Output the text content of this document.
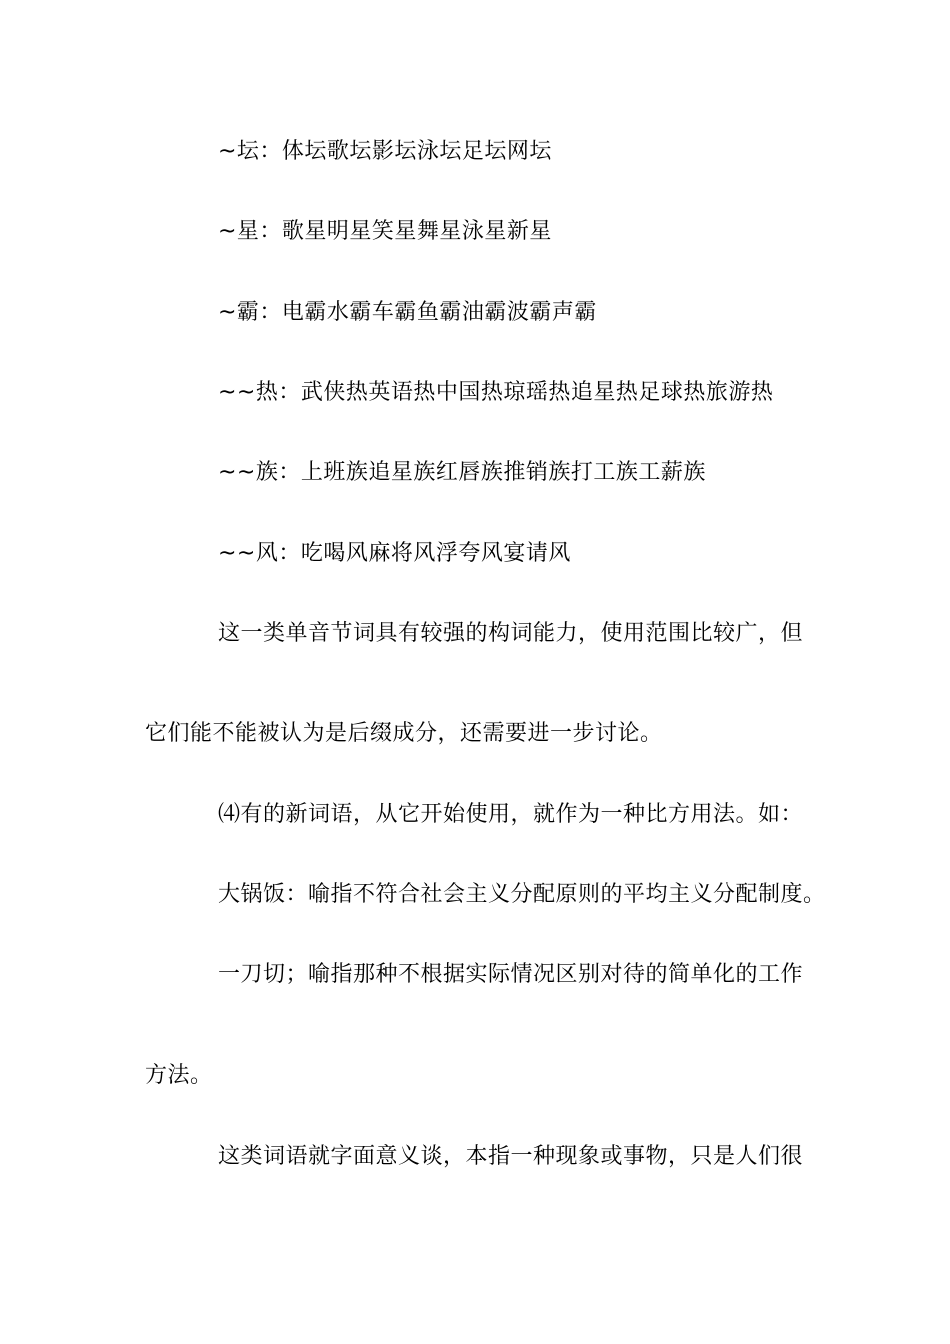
~坛：体坛歌坛影坛泳坛足坛网坛
~星：歌星明星笑星舞星泳星新星
~霸：电霸水霸车霸鱼霸油霸波霸声霸
~~热：武侠热英语热中国热琼瑶热追星热足球热旅游热
~~族：上班族追星族红唇族推销族打工族工薪族
~~风：吃喝风麻将风浮夸风宴请风
这一类单音节词具有较强的构词能力，使用范围比较广，但
它们能不能被认为是后缀成分，还需要进一步讨论。
⑷有的新词语，从它开始使用，就作为一种比方用法。如：
大锅饭：喻指不符合社会主义分配原则的平均主义分配制度。
一刀切；喻指那种不根据实际情况区别对待的简单化的工作
方法。
这类词语就字面意义谈，本指一种现象或事物，只是人们很
